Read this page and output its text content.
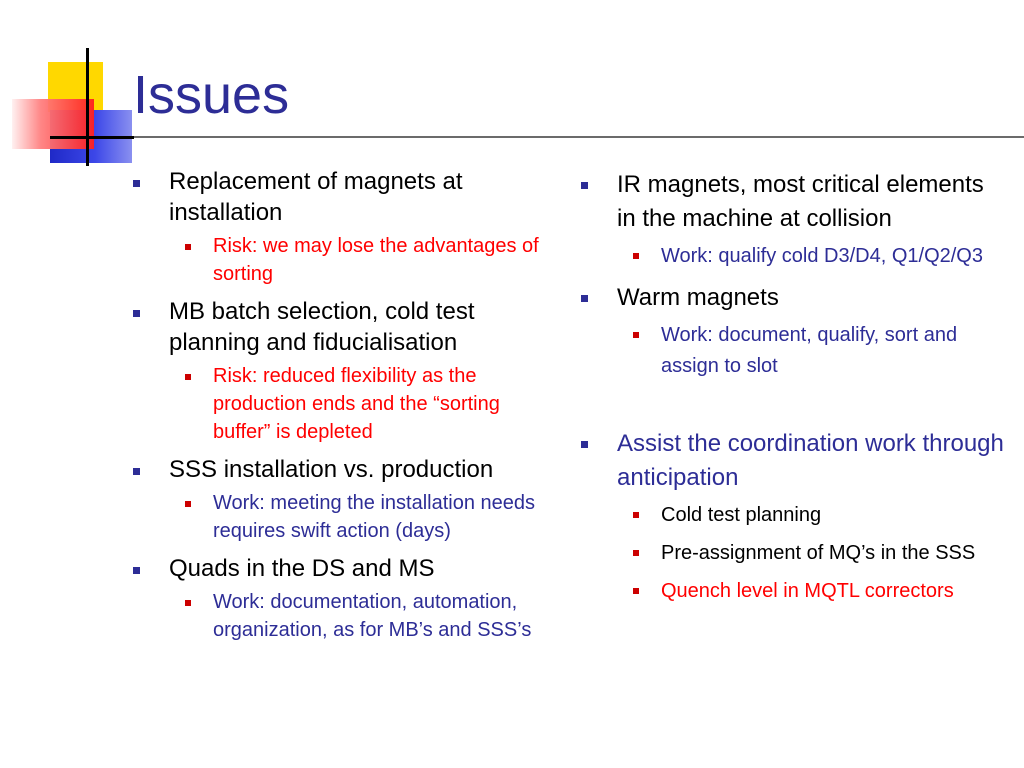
Issues
Replacement of magnets at installation
Risk: we may lose the advantages of sorting
MB batch selection, cold test planning and fiducialisation
Risk: reduced flexibility as the production ends and the “sorting buffer” is depleted
SSS installation vs. production
Work: meeting the installation needs requires swift action (days)
Quads in the DS and MS
Work: documentation, automation, organization, as for MB’s and SSS’s
IR magnets, most critical elements in the machine at collision
Work: qualify cold D3/D4, Q1/Q2/Q3
Warm magnets
Work: document, qualify, sort and assign to slot
Assist the coordination work through anticipation
Cold test planning
Pre-assignment of MQ’s in the SSS
Quench level in MQTL correctors
